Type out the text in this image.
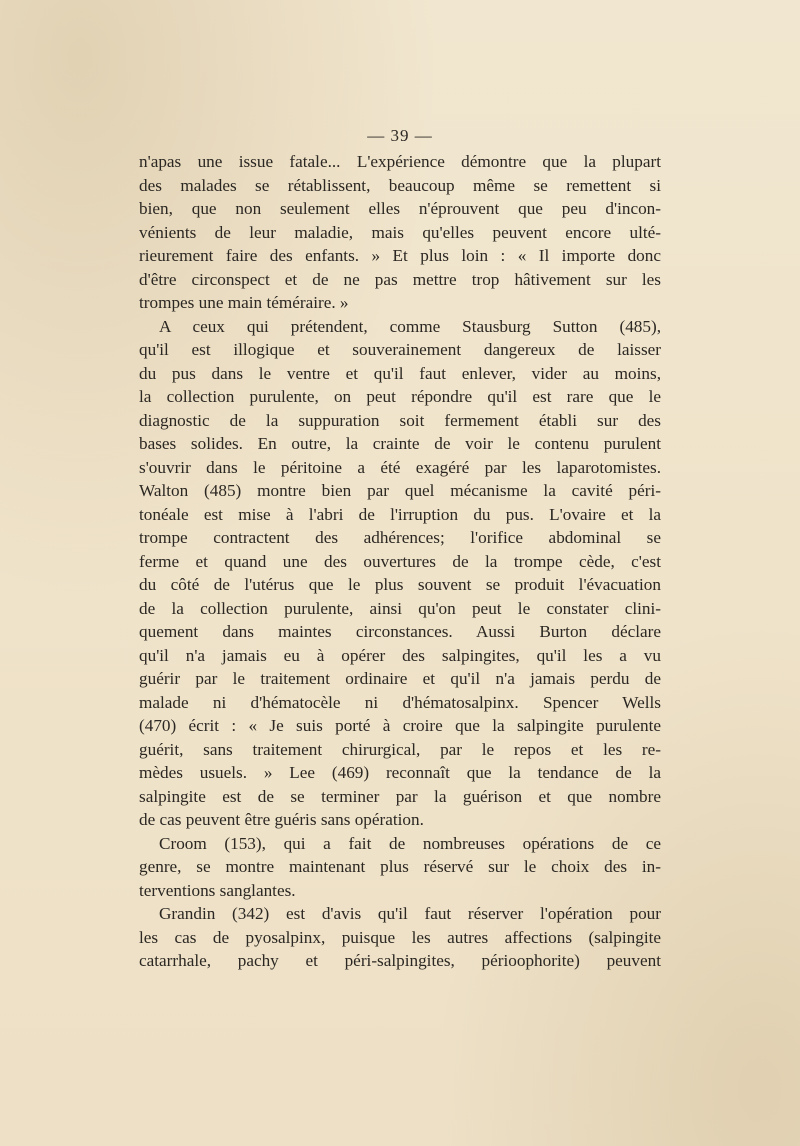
— 39 —
n'apas une issue fatale... L'expérience démontre que la plupart
des malades se rétablissent, beaucoup même se remettent si
bien, que non seulement elles n'éprouvent que peu d'incon-
vénients de leur maladie, mais qu'elles peuvent encore ulté-
rieurement faire des enfants. » Et plus loin : « Il importe donc
d'être circonspect et de ne pas mettre trop hâtivement sur les
trompes une main téméraire. »
A ceux qui prétendent, comme Stausburg Sutton (485),
qu'il est illogique et souverainement dangereux de laisser
du pus dans le ventre et qu'il faut enlever, vider au moins,
la collection purulente, on peut répondre qu'il est rare que le
diagnostic de la suppuration soit fermement établi sur des
bases solides. En outre, la crainte de voir le contenu purulent
s'ouvrir dans le péritoine a été exagéré par les laparotomistes.
Walton (485) montre bien par quel mécanisme la cavité péri-
tonéale est mise à l'abri de l'irruption du pus. L'ovaire et la
trompe contractent des adhérences; l'orifice abdominal se
ferme et quand une des ouvertures de la trompe cède, c'est
du côté de l'utérus que le plus souvent se produit l'évacuation
de la collection purulente, ainsi qu'on peut le constater clini-
quement dans maintes circonstances. Aussi Burton déclare
qu'il n'a jamais eu à opérer des salpingites, qu'il les a vu
guérir par le traitement ordinaire et qu'il n'a jamais perdu de
malade ni d'hématocèle ni d'hématosalpinx. Spencer Wells
(470) écrit : « Je suis porté à croire que la salpingite purulente
guérit, sans traitement chirurgical, par le repos et les re-
mèdes usuels. » Lee (469) reconnaît que la tendance de la
salpingite est de se terminer par la guérison et que nombre
de cas peuvent être guéris sans opération.
Croom (153), qui a fait de nombreuses opérations de ce
genre, se montre maintenant plus réservé sur le choix des in-
terventions sanglantes.
Grandin (342) est d'avis qu'il faut réserver l'opération pour
les cas de pyosalpinx, puisque les autres affections (salpingite
catarrhale, pachy et péri-salpingites, périoophorite) peuvent
